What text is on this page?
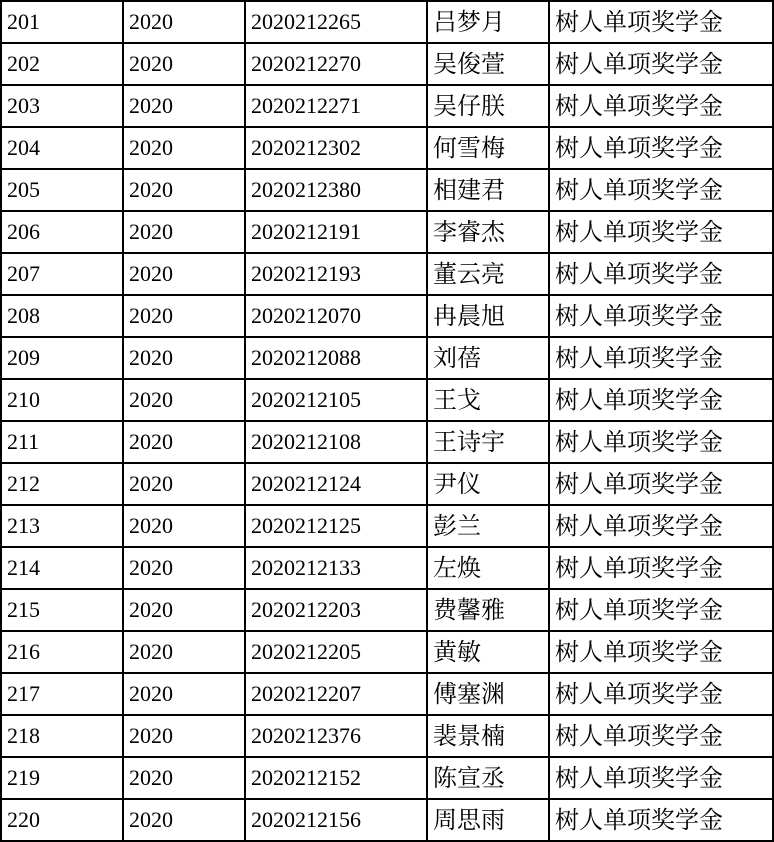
201	2020	2020212265	吕梦月	树人单项奖学金
202	2020	2020212270	吴俊萱	树人单项奖学金
203	2020	2020212271	吴仔朕	树人单项奖学金
204	2020	2020212302	何雪梅	树人单项奖学金
205	2020	2020212380	相建君	树人单项奖学金
206	2020	2020212191	李睿杰	树人单项奖学金
207	2020	2020212193	董云亮	树人单项奖学金
208	2020	2020212070	冉晨旭	树人单项奖学金
209	2020	2020212088	刘蓓	树人单项奖学金
210	2020	2020212105	王戈	树人单项奖学金
211	2020	2020212108	王诗宇	树人单项奖学金
212	2020	2020212124	尹仪	树人单项奖学金
213	2020	2020212125	彭兰	树人单项奖学金
214	2020	2020212133	左焕	树人单项奖学金
215	2020	2020212203	费馨雅	树人单项奖学金
216	2020	2020212205	黄敏	树人单项奖学金
217	2020	2020212207	傅塞渊	树人单项奖学金
218	2020	2020212376	裴景楠	树人单项奖学金
219	2020	2020212152	陈宣丞	树人单项奖学金
220	2020	2020212156	周思雨	树人单项奖学金
